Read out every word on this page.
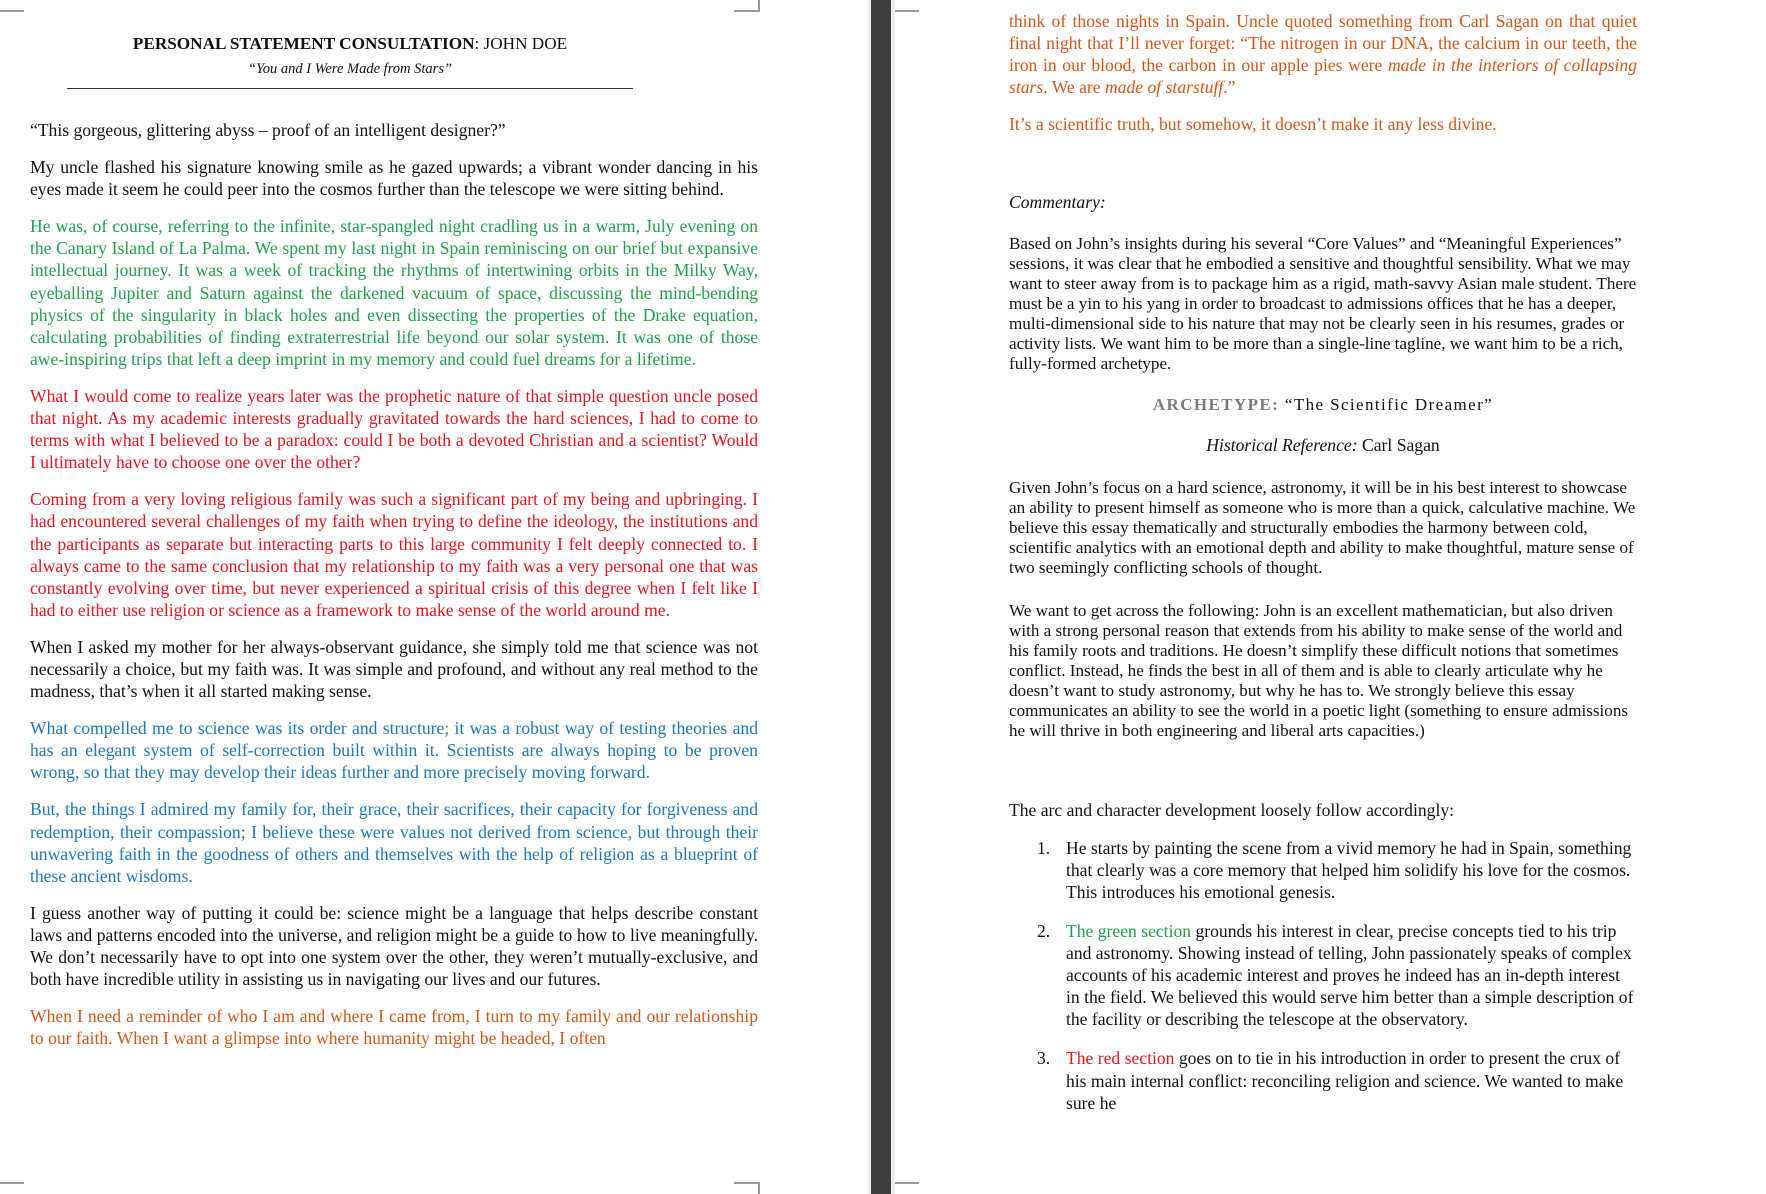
PERSONAL STATEMENT CONSULTATION: JOHN DOE

“You and I Were Made from Stars”

“This gorgeous, glittering abyss – proof of an intelligent designer?”

My uncle flashed his signature knowing smile as he gazed upwards; a vibrant wonder dancing in his eyes made it seem he could peer into the cosmos further than the telescope we were sitting behind.

He was, of course, referring to the infinite, star-spangled night cradling us in a warm, July evening on the Canary Island of La Palma. We spent my last night in Spain reminiscing on our brief but expansive intellectual journey. It was a week of tracking the rhythms of intertwining orbits in the Milky Way, eyeballing Jupiter and Saturn against the darkened vacuum of space, discussing the mind-bending physics of the singularity in black holes and even dissecting the properties of the Drake equation, calculating probabilities of finding extraterrestrial life beyond our solar system. It was one of those awe-inspiring trips that left a deep imprint in my memory and could fuel dreams for a lifetime.

What I would come to realize years later was the prophetic nature of that simple question uncle posed that night. As my academic interests gradually gravitated towards the hard sciences, I had to come to terms with what I believed to be a paradox: could I be both a devoted Christian and a scientist? Would I ultimately have to choose one over the other?

Coming from a very loving religious family was such a significant part of my being and upbringing. I had encountered several challenges of my faith when trying to define the ideology, the institutions and the participants as separate but interacting parts to this large community I felt deeply connected to. I always came to the same conclusion that my relationship to my faith was a very personal one that was constantly evolving over time, but never experienced a spiritual crisis of this degree when I felt like I had to either use religion or science as a framework to make sense of the world around me.

When I asked my mother for her always-observant guidance, she simply told me that science was not necessarily a choice, but my faith was. It was simple and profound, and without any real method to the madness, that’s when it all started making sense.

What compelled me to science was its order and structure; it was a robust way of testing theories and has an elegant system of self-correction built within it. Scientists are always hoping to be proven wrong, so that they may develop their ideas further and more precisely moving forward.

But, the things I admired my family for, their grace, their sacrifices, their capacity for forgiveness and redemption, their compassion; I believe these were values not derived from science, but through their unwavering faith in the goodness of others and themselves with the help of religion as a blueprint of these ancient wisdoms.

I guess another way of putting it could be: science might be a language that helps describe constant laws and patterns encoded into the universe, and religion might be a guide to how to live meaningfully. We don’t necessarily have to opt into one system over the other, they weren’t mutually-exclusive, and both have incredible utility in assisting us in navigating our lives and our futures.

When I need a reminder of who I am and where I came from, I turn to my family and our relationship to our faith. When I want a glimpse into where humanity might be headed, I often

think of those nights in Spain. Uncle quoted something from Carl Sagan on that quiet final night that I’ll never forget: “The nitrogen in our DNA, the calcium in our teeth, the iron in our blood, the carbon in our apple pies were made in the interiors of collapsing stars. We are made of starstuff.”

It’s a scientific truth, but somehow, it doesn’t make it any less divine.

Commentary:

Based on John’s insights during his several “Core Values” and “Meaningful Experiences” sessions, it was clear that he embodied a sensitive and thoughtful sensibility. What we may want to steer away from is to package him as a rigid, math-savvy Asian male student. There must be a yin to his yang in order to broadcast to admissions offices that he has a deeper, multi-dimensional side to his nature that may not be clearly seen in his resumes, grades or activity lists. We want him to be more than a single-line tagline, we want him to be a rich, fully-formed archetype.

ARCHETYPE: “The Scientific Dreamer”

Historical Reference: Carl Sagan

Given John’s focus on a hard science, astronomy, it will be in his best interest to showcase an ability to present himself as someone who is more than a quick, calculative machine. We believe this essay thematically and structurally embodies the harmony between cold, scientific analytics with an emotional depth and ability to make thoughtful, mature sense of two seemingly conflicting schools of thought.

We want to get across the following: John is an excellent mathematician, but also driven with a strong personal reason that extends from his ability to make sense of the world and his family roots and traditions. He doesn’t simplify these difficult notions that sometimes conflict. Instead, he finds the best in all of them and is able to clearly articulate why he doesn’t want to study astronomy, but why he has to. We strongly believe this essay communicates an ability to see the world in a poetic light (something to ensure admissions he will thrive in both engineering and liberal arts capacities.)

The arc and character development loosely follow accordingly:

1. He starts by painting the scene from a vivid memory he had in Spain, something that clearly was a core memory that helped him solidify his love for the cosmos. This introduces his emotional genesis.
2. The green section grounds his interest in clear, precise concepts tied to his trip and astronomy. Showing instead of telling, John passionately speaks of complex accounts of his academic interest and proves he indeed has an in-depth interest in the field. We believed this would serve him better than a simple description of the facility or describing the telescope at the observatory.
3. The red section goes on to tie in his introduction in order to present the crux of his main internal conflict: reconciling religion and science. We wanted to make sure he
